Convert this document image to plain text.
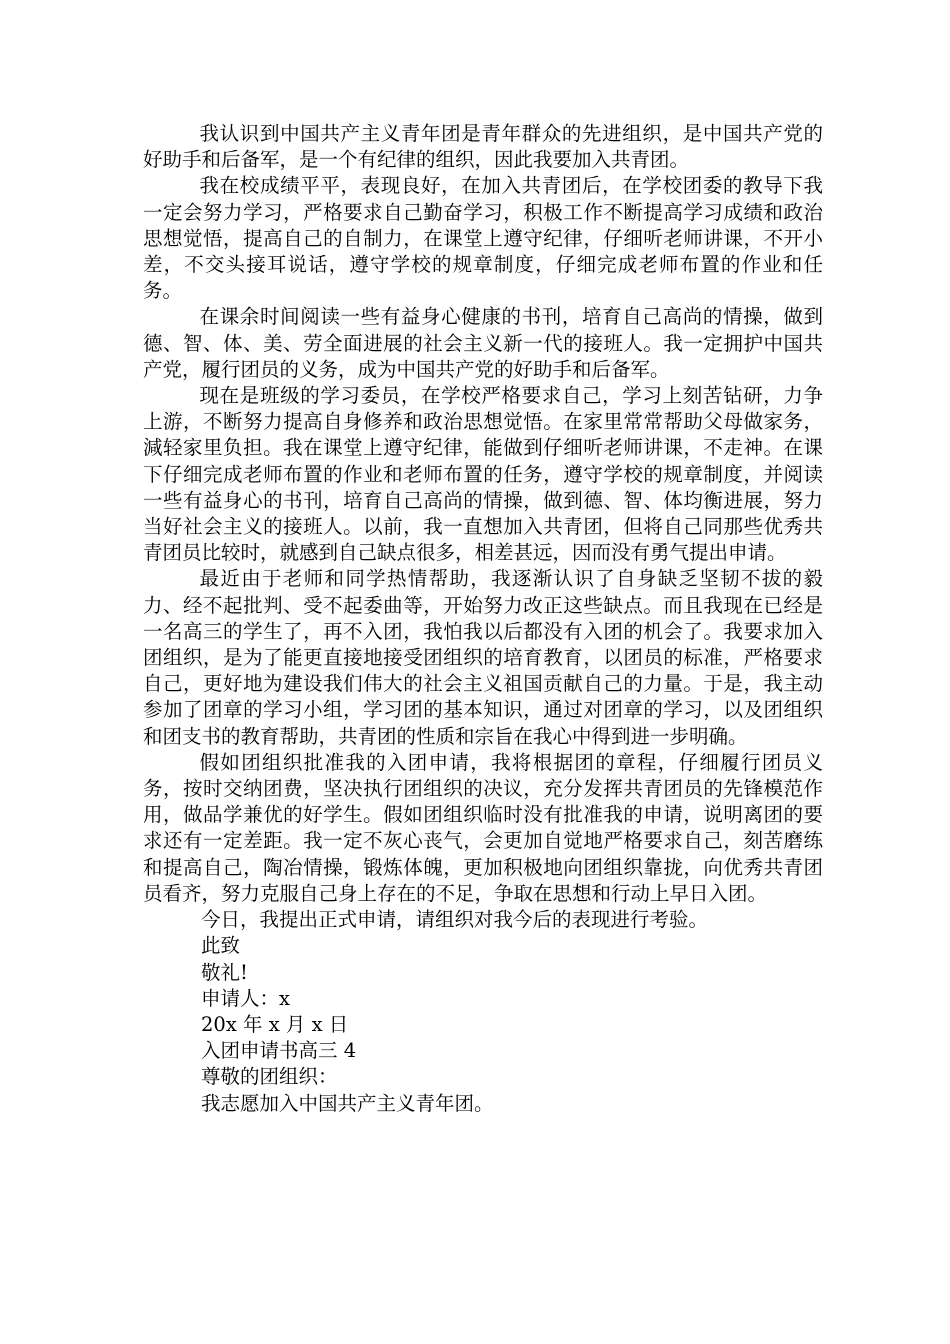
我认识到中国共产主义青年团是青年群众的先进组织，是中国共产党的好助手和后备军，是一个有纪律的组织，因此我要加入共青团。

我在校成绩平平，表现良好，在加入共青团后，在学校团委的教导下我一定会努力学习，严格要求自己勤奋学习，积极工作不断提高学习成绩和政治思想觉悟，提高自己的自制力，在课堂上遵守纪律，仔细听老师讲课，不开小差，不交头接耳说话，遵守学校的规章制度，仔细完成老师布置的作业和任务。

在课余时间阅读一些有益身心健康的书刊，培育自己高尚的情操，做到德、智、体、美、劳全面进展的社会主义新一代的接班人。我一定拥护中国共产党，履行团员的义务，成为中国共产党的好助手和后备军。

现在是班级的学习委员，在学校严格要求自己，学习上刻苦钻研，力争上游，不断努力提高自身修养和政治思想觉悟。在家里常常帮助父母做家务，減轻家里负担。我在课堂上遵守纪律，能做到仔细听老师讲课，不走神。在课下仔细完成老师布置的作业和老师布置的任务，遵守学校的规章制度，并阅读一些有益身心的书刊，培育自己高尚的情操，做到德、智、体均衡进展，努力当好社会主义的接班人。以前，我一直想加入共青团，但将自己同那些优秀共青团员比较时，就感到自己缺点很多，相差甚远，因而没有勇气提出申请。

最近由于老师和同学热情帮助，我逐渐认识了自身缺乏坚韧不拔的毅力、经不起批判、受不起委曲等，开始努力改正这些缺点。而且我现在已经是一名高三的学生了，再不入团，我怕我以后都没有入团的机会了。我要求加入团组织，是为了能更直接地接受团组织的培育教育，以团员的标准，严格要求自己，更好地为建设我们伟大的社会主义祖国贡献自己的力量。于是，我主动参加了团章的学习小组，学习团的基本知识，通过对团章的学习，以及团组织和团支书的教育帮助，共青团的性质和宗旨在我心中得到进一步明确。

假如团组织批准我的入团申请，我将根据团的章程，仔细履行团员义务，按时交纳团费，坚决执行团组织的决议，充分发挥共青团员的先锋模范作用，做品学兼优的好学生。假如团组织临时没有批准我的申请，说明离团的要求还有一定差距。我一定不灰心丧气，会更加自觉地严格要求自己，刻苦磨练和提高自己，陶冶情操，锻炼体魄，更加积极地向团组织靠拢，向优秀共青团员看齐，努力克服自己身上存在的不足，争取在思想和行动上早日入团。

今日，我提出正式申请，请组织对我今后的表现进行考验。

此致

敬礼!

申请人：x

20x 年 x 月 x 日

入团申请书高三 4

尊敬的团组织：

我志愿加入中国共产主义青年团。
